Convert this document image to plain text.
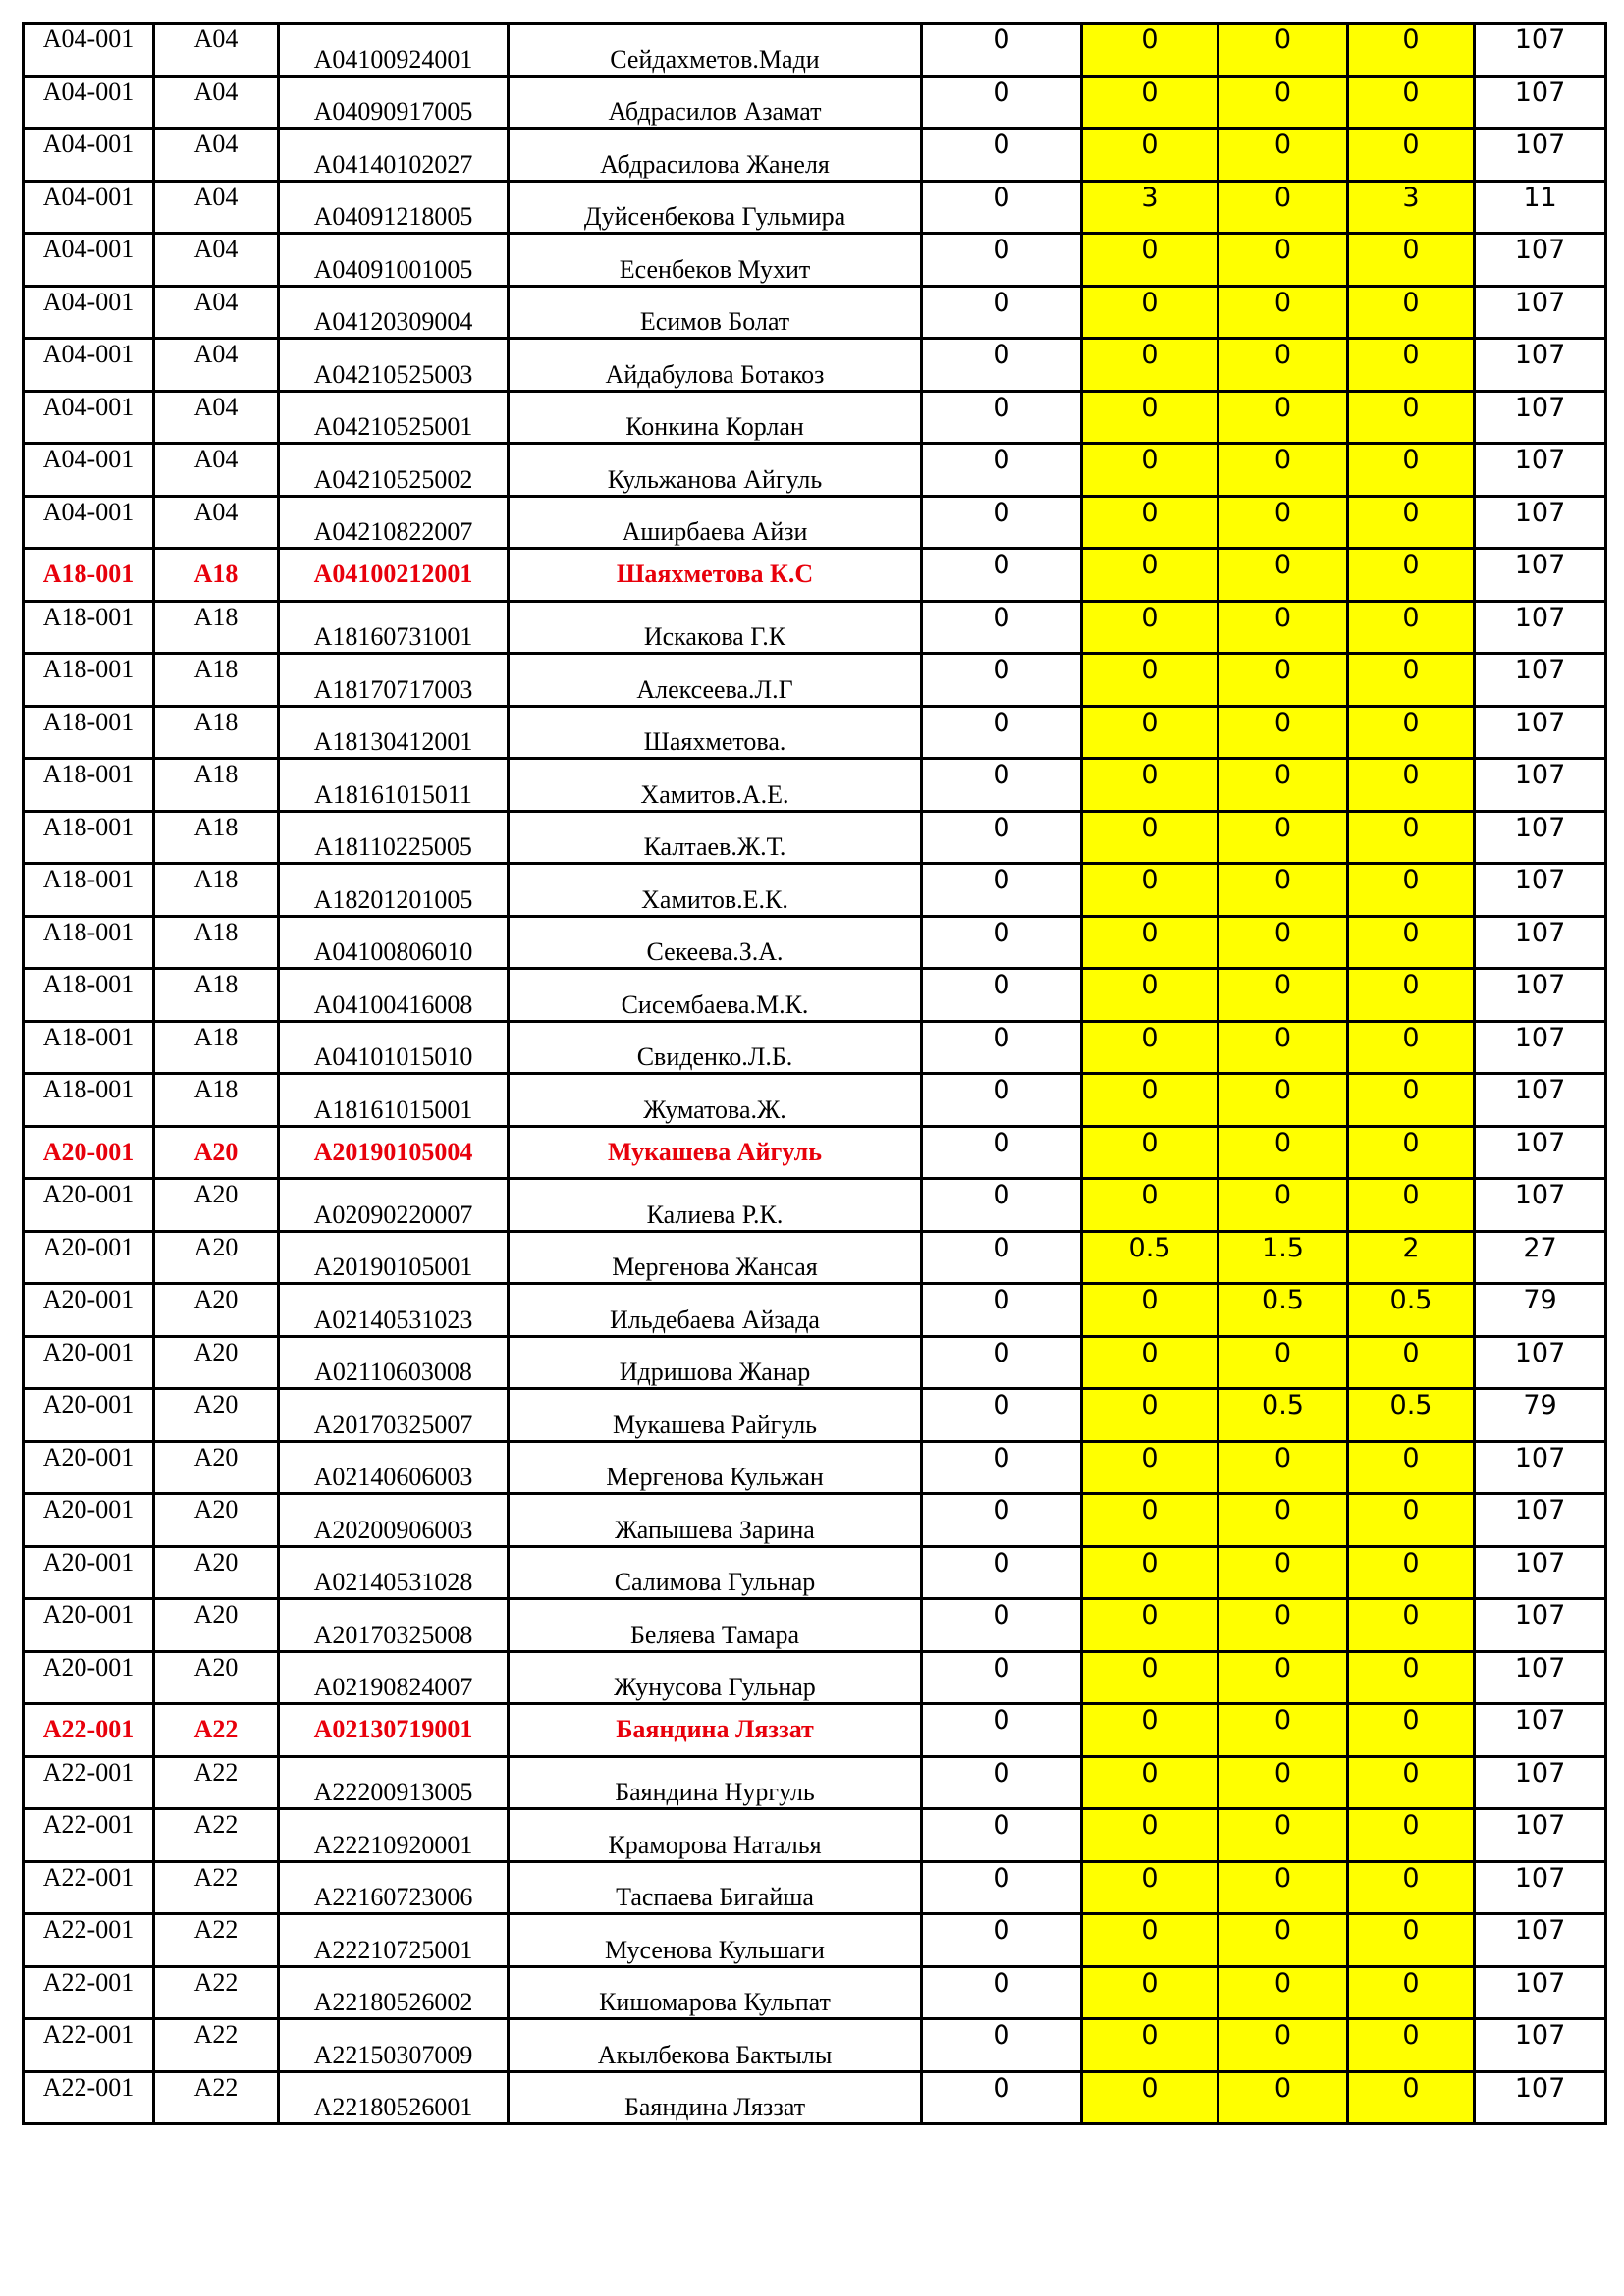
A04-001	A04	A04100924001	Сейдахметов.Мади	0	0	0	0	107
A04-001	A04	A04090917005	Абдрасилов Азамат	0	0	0	0	107
A04-001	A04	A04140102027	Абдрасилова Жанеля	0	0	0	0	107
A04-001	A04	A04091218005	Дуйсенбекова Гульмира	0	3	0	3	11
A04-001	A04	A04091001005	Есенбеков Мухит	0	0	0	0	107
A04-001	A04	A04120309004	Есимов Болат	0	0	0	0	107
A04-001	A04	A04210525003	Айдабулова Ботакоз	0	0	0	0	107
A04-001	A04	A04210525001	Конкина Корлан	0	0	0	0	107
A04-001	A04	A04210525002	Кульжанова Айгуль	0	0	0	0	107
A04-001	A04	A04210822007	Аширбаева Айзи	0	0	0	0	107
A18-001	A18	A04100212001	Шаяхметова К.С	0	0	0	0	107
A18-001	A18	A18160731001	Искакова Г.К	0	0	0	0	107
A18-001	A18	A18170717003	Алексеева.Л.Г	0	0	0	0	107
A18-001	A18	A18130412001	Шаяхметова.	0	0	0	0	107
A18-001	A18	A18161015011	Хамитов.А.Е.	0	0	0	0	107
A18-001	A18	A18110225005	Калтаев.Ж.Т.	0	0	0	0	107
A18-001	A18	A18201201005	Хамитов.Е.К.	0	0	0	0	107
A18-001	A18	A04100806010	Секеева.З.А.	0	0	0	0	107
A18-001	A18	A04100416008	Сисембаева.М.К.	0	0	0	0	107
A18-001	A18	A04101015010	Свиденко.Л.Б.	0	0	0	0	107
A18-001	A18	A18161015001	Жуматова.Ж.	0	0	0	0	107
A20-001	A20	A20190105004	Мукашева Айгуль	0	0	0	0	107
A20-001	A20	A02090220007	Калиева Р.К.	0	0	0	0	107
A20-001	A20	A20190105001	Мергенова Жансая	0	0.5	1.5	2	27
A20-001	A20	A02140531023	Ильдебаева Айзада	0	0	0.5	0.5	79
A20-001	A20	A02110603008	Идришова Жанар	0	0	0	0	107
A20-001	A20	A20170325007	Мукашева Райгуль	0	0	0.5	0.5	79
A20-001	A20	A02140606003	Мергенова Кульжан	0	0	0	0	107
A20-001	A20	A20200906003	Жапышева Зарина	0	0	0	0	107
A20-001	A20	A02140531028	Салимова Гульнар	0	0	0	0	107
A20-001	A20	A20170325008	Беляева Тамара	0	0	0	0	107
A20-001	A20	A02190824007	Жунусова Гульнар	0	0	0	0	107
A22-001	A22	A02130719001	Баяндина Ляззат	0	0	0	0	107
A22-001	A22	A22200913005	Баяндина Нургуль	0	0	0	0	107
A22-001	A22	A22210920001	Краморова Наталья	0	0	0	0	107
A22-001	A22	A22160723006	Таспаева Бигайша	0	0	0	0	107
A22-001	A22	A22210725001	Мусенова Кульшаги	0	0	0	0	107
A22-001	A22	A22180526002	Кишомарова Кульпат	0	0	0	0	107
A22-001	A22	A22150307009	Акылбекова Бактылы	0	0	0	0	107
A22-001	A22	A22180526001	Баяндина Ляззат	0	0	0	0	107
